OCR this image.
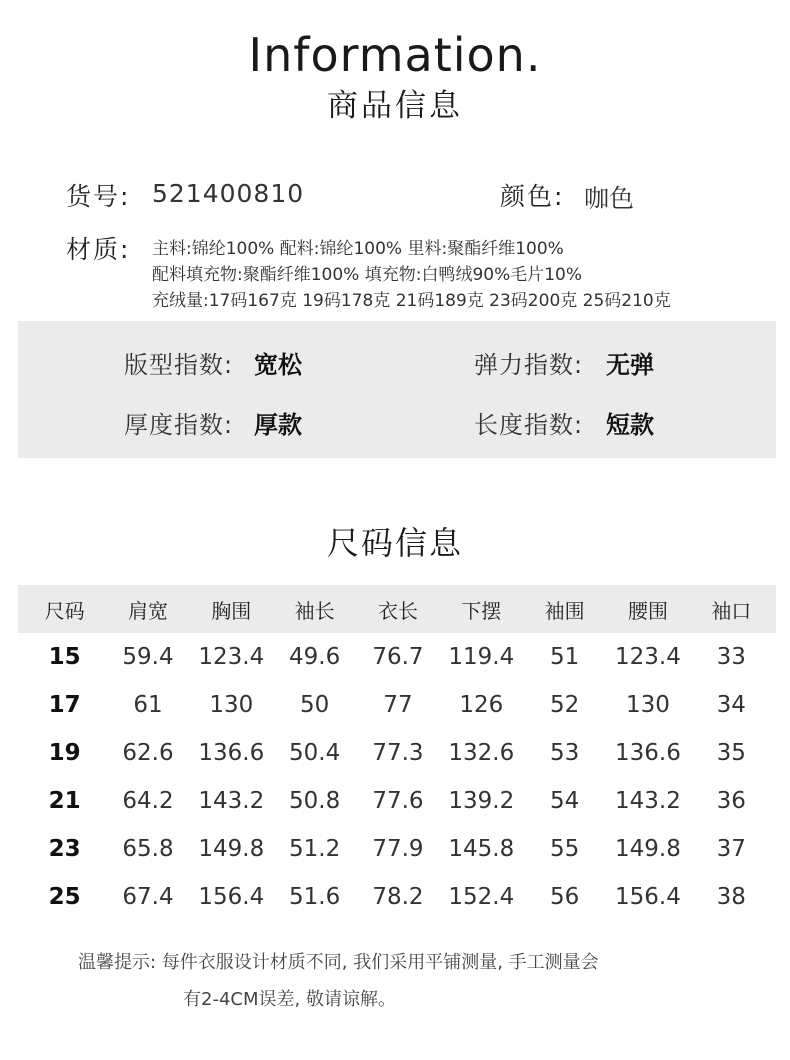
Information.
商品信息
货号: 521400810	颜色: 咖色
材质: 主料:锦纶100% 配料:锦纶100% 里料:聚酯纤维100%
配料填充物:聚酯纤维100% 填充物:白鸭绒90%毛片10%
充绒量:17码167克 19码178克 21码189克 23码200克 25码210克
版型指数: 宽松	弹力指数: 无弹
厚度指数: 厚款	长度指数: 短款
尺码信息
尺码	肩宽	胸围	袖长	衣长	下摆	袖围	腰围	袖口
15	59.4	123.4	49.6	76.7	119.4	51	123.4	33
17	61	130	50	77	126	52	130	34
19	62.6	136.6	50.4	77.3	132.6	53	136.6	35
21	64.2	143.2	50.8	77.6	139.2	54	143.2	36
23	65.8	149.8	51.2	77.9	145.8	55	149.8	37
25	67.4	156.4	51.6	78.2	152.4	56	156.4	38
温馨提示: 每件衣服设计材质不同, 我们采用平铺测量, 手工测量会
有2-4CM误差, 敬请谅解。
